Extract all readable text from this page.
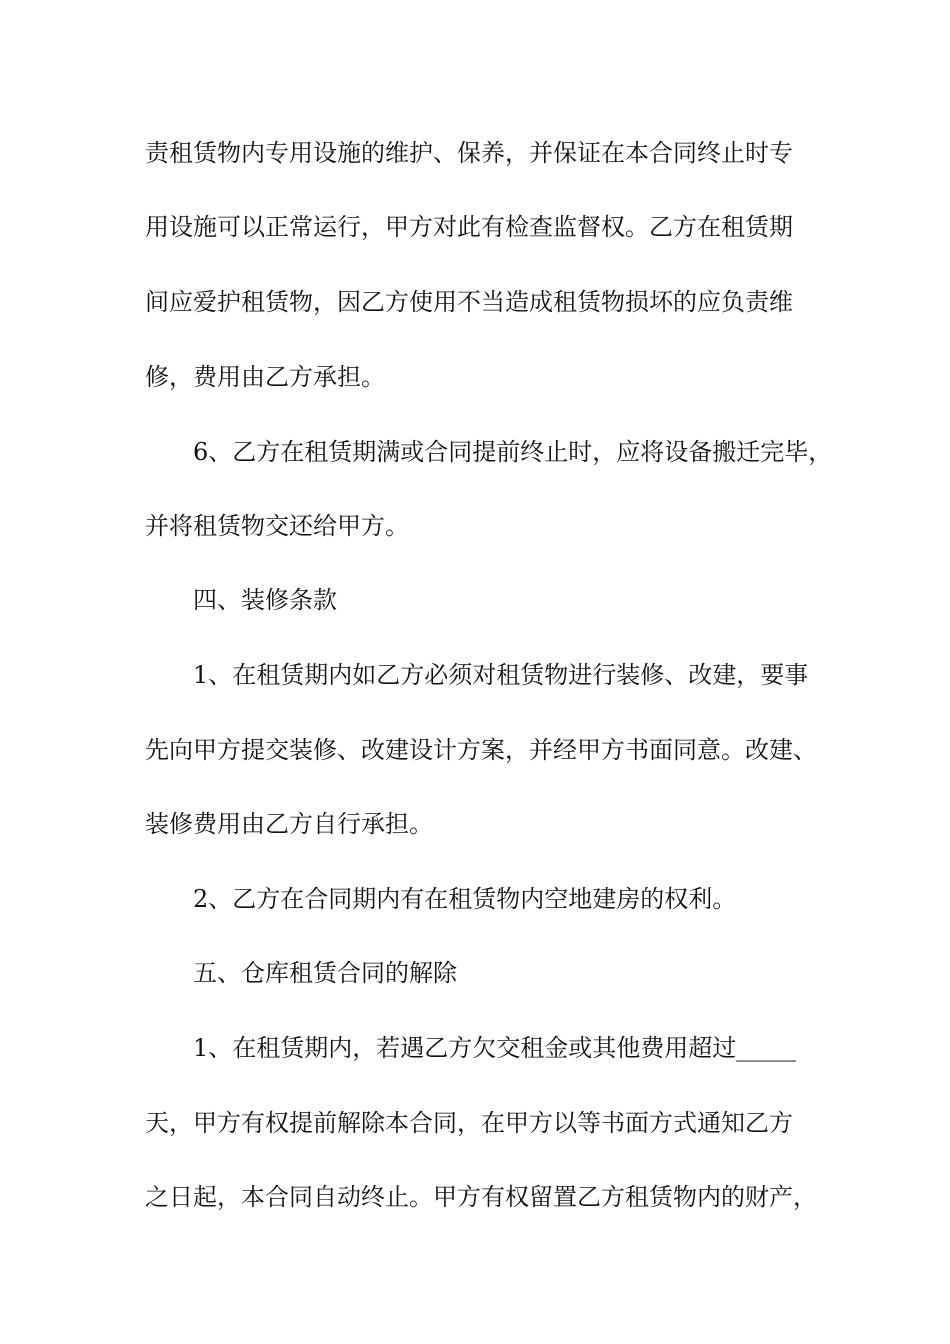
责租赁物内专用设施的维护、保养，并保证在本合同终止时专
用设施可以正常运行，甲方对此有检查监督权。乙方在租赁期
间应爱护租赁物，因乙方使用不当造成租赁物损坏的应负责维
修，费用由乙方承担。
6、乙方在租赁期满或合同提前终止时，应将设备搬迁完毕，
并将租赁物交还给甲方。
四、装修条款
1、在租赁期内如乙方必须对租赁物进行装修、改建，要事
先向甲方提交装修、改建设计方案，并经甲方书面同意。改建、
装修费用由乙方自行承担。
2、乙方在合同期内有在租赁物内空地建房的权利。
五、仓库租赁合同的解除
1、在租赁期内，若遇乙方欠交租金或其他费用超过_____
天，甲方有权提前解除本合同，在甲方以等书面方式通知乙方
之日起，本合同自动终止。甲方有权留置乙方租赁物内的财产，
